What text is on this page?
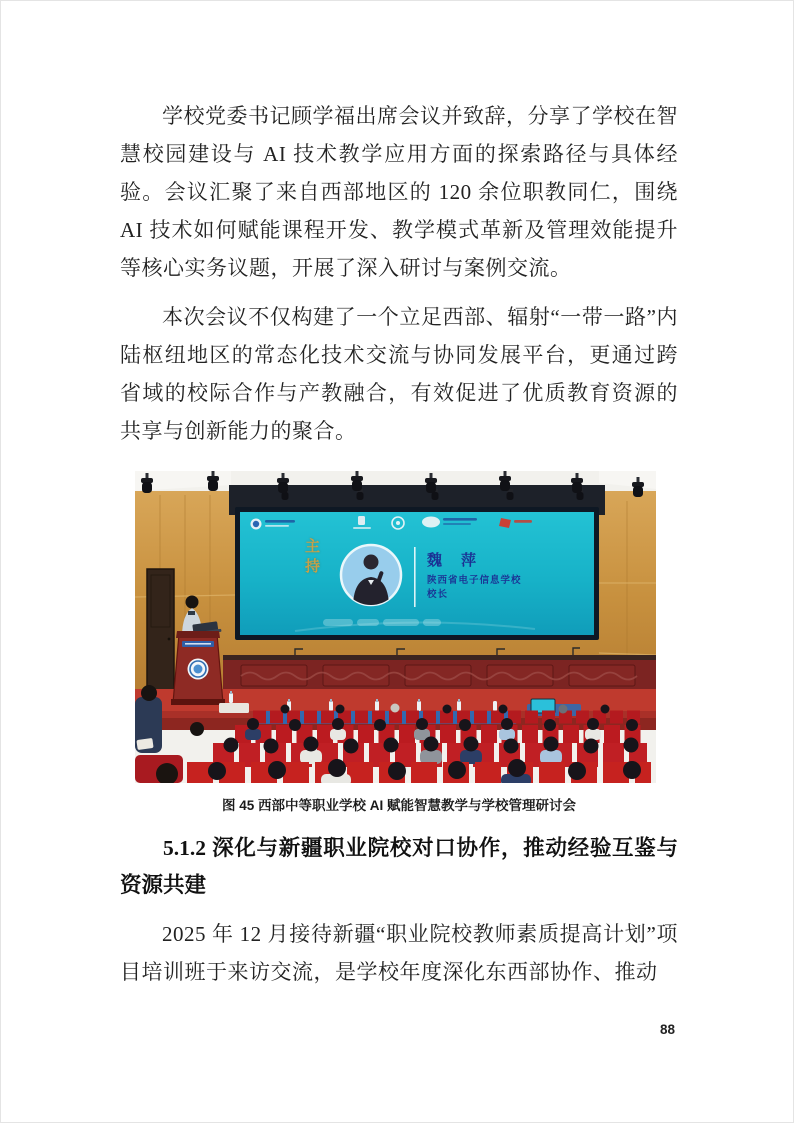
学校党委书记顾学福出席会议并致辞，分享了学校在智慧校园建设与 AI 技术教学应用方面的探索路径与具体经验。会议汇聚了来自西部地区的 120 余位职教同仁，围绕 AI 技术如何赋能课程开发、教学模式革新及管理效能提升等核心实务议题，开展了深入研讨与案例交流。

本次会议不仅构建了一个立足西部、辐射“一带一路”内陆枢纽地区的常态化技术交流与协同发展平台，更通过跨省域的校际合作与产教融合，有效促进了优质教育资源的共享与创新能力的聚合。

主持	魏　萍
陕西省电子信息学校
校长
图 45 西部中等职业学校 AI 赋能智慧教学与学校管理研讨会
5.1.2 深化与新疆职业院校对口协作，推动经验互鉴与资源共建

2025 年 12 月接待新疆“职业院校教师素质提高计划”项目培训班于来访交流，是学校年度深化东西部协作、推动

88
